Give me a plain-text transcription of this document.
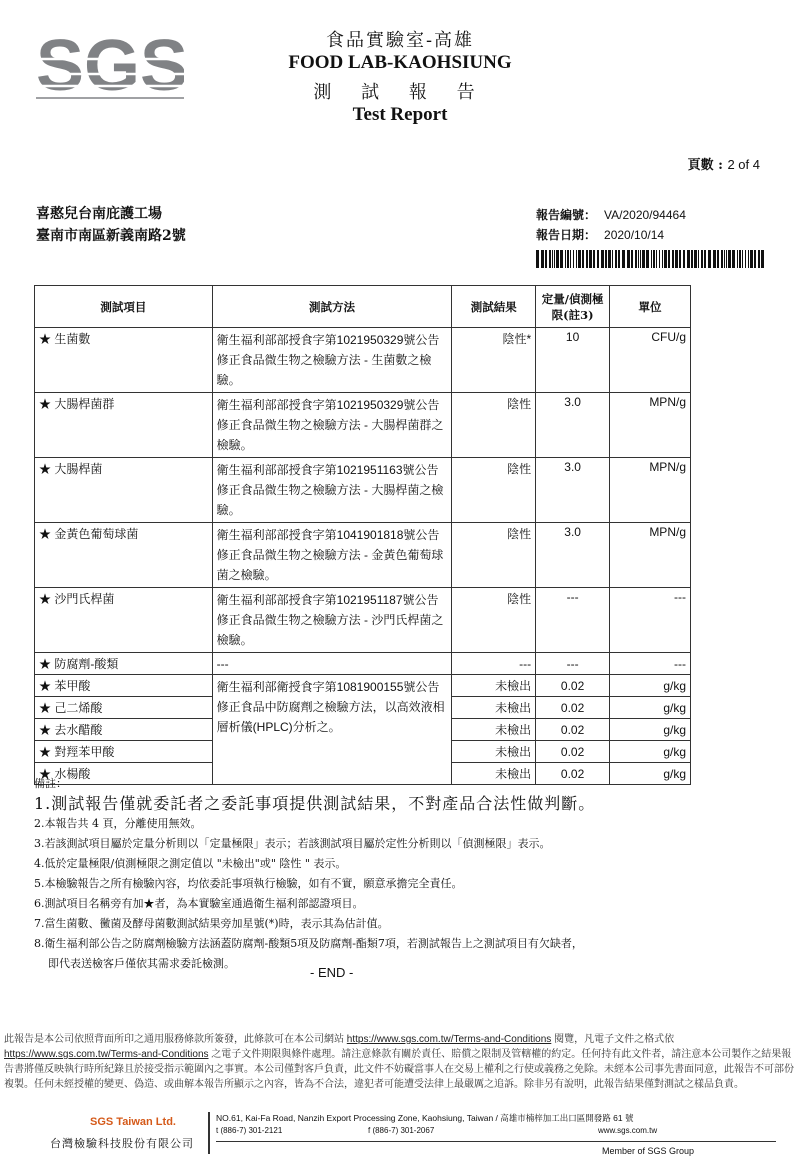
SGS	食品實驗室-高雄
FOOD LAB-KAOHSIUNG
測 試 報 告
Test Report
頁數 : 2 of 4
喜憨兒台南庇護工場
臺南市南區新義南路2號
報告編號： VA/2020/94464
報告日期： 2020/10/14
測試項目	測試方法	測試結果	定量/偵測極限(註3)	單位
★ 生菌數	衛生福利部部授食字第1021950329號公告修正食品微生物之檢驗方法 - 生菌數之檢驗。	陰性*	10	CFU/g
★ 大腸桿菌群	衛生福利部部授食字第1021950329號公告修正食品微生物之檢驗方法 - 大腸桿菌群之檢驗。	陰性	3.0	MPN/g
★ 大腸桿菌	衛生福利部部授食字第1021951163號公告修正食品微生物之檢驗方法 - 大腸桿菌之檢驗。	陰性	3.0	MPN/g
★ 金黃色葡萄球菌	衛生福利部部授食字第1041901818號公告修正食品微生物之檢驗方法 - 金黃色葡萄球菌之檢驗。	陰性	3.0	MPN/g
★ 沙門氏桿菌	衛生福利部部授食字第1021951187號公告修正食品微生物之檢驗方法 - 沙門氏桿菌之檢驗。	陰性	---	---
★ 防腐劑-酸類	---	---	---	---
★ 苯甲酸	衛生福利部衛授食字第1081900155號公告修正食品中防腐劑之檢驗方法，以高效液相層析儀(HPLC)分析之。	未檢出	0.02	g/kg
★ 己二烯酸		未檢出	0.02	g/kg
★ 去水醋酸		未檢出	0.02	g/kg
★ 對羥苯甲酸		未檢出	0.02	g/kg
★ 水楊酸		未檢出	0.02	g/kg
備註：
1.測試報告僅就委託者之委託事項提供測試結果，不對產品合法性做判斷。
2.本報告共 4 頁，分離使用無效。
3.若該測試項目屬於定量分析則以「定量極限」表示；若該測試項目屬於定性分析則以「偵測極限」表示。
4.低於定量極限/偵測極限之測定值以 "未檢出"或" 陰性 " 表示。
5.本檢驗報告之所有檢驗內容，均依委託事項執行檢驗，如有不實，願意承擔完全責任。
6.測試項目名稱旁有加★者，為本實驗室通過衛生福利部認證項目。
7.當生菌數、黴菌及酵母菌數測試結果旁加星號(*)時，表示其為估計值。
8.衛生福利部公告之防腐劑檢驗方法涵蓋防腐劑-酸類5項及防腐劑-酯類7項，若測試報告上之測試項目有欠缺者，
即代表送檢客戶僅依其需求委託檢測。
- END -
此報告是本公司依照背面所印之通用服務條款所簽發，此條款可在本公司網站 https://www.sgs.com.tw/Terms-and-Conditions 閱覽，凡電子文件之格式依https://www.sgs.com.tw/Terms-and-Conditions 之電子文件期限與條件處理。請注意條款有關於責任、賠償之限制及管轄權的約定。任何持有此文件者，請注意本公司製作之結果報告書將僅反映執行時所紀錄且於接受指示範圍內之事實。本公司僅對客戶負責，此文件不妨礙當事人在交易上權利之行使或義務之免除。未經本公司事先書面同意，此報告不可部份複製。任何未經授權的變更、偽造、或曲解本報告所顯示之內容，皆為不合法，違犯者可能遭受法律上最嚴厲之追訴。除非另有說明，此報告結果僅對測試之樣品負責。
SGS Taiwan Ltd.
台灣檢驗科技股份有限公司
NO.61, Kai-Fa Road, Nanzih Export Processing Zone, Kaohsiung, Taiwan / 高雄市楠梓加工出口區開發路 61 號
t (886-7) 301-2121	f (886-7) 301-2067	www.sgs.com.tw
Member of SGS Group
